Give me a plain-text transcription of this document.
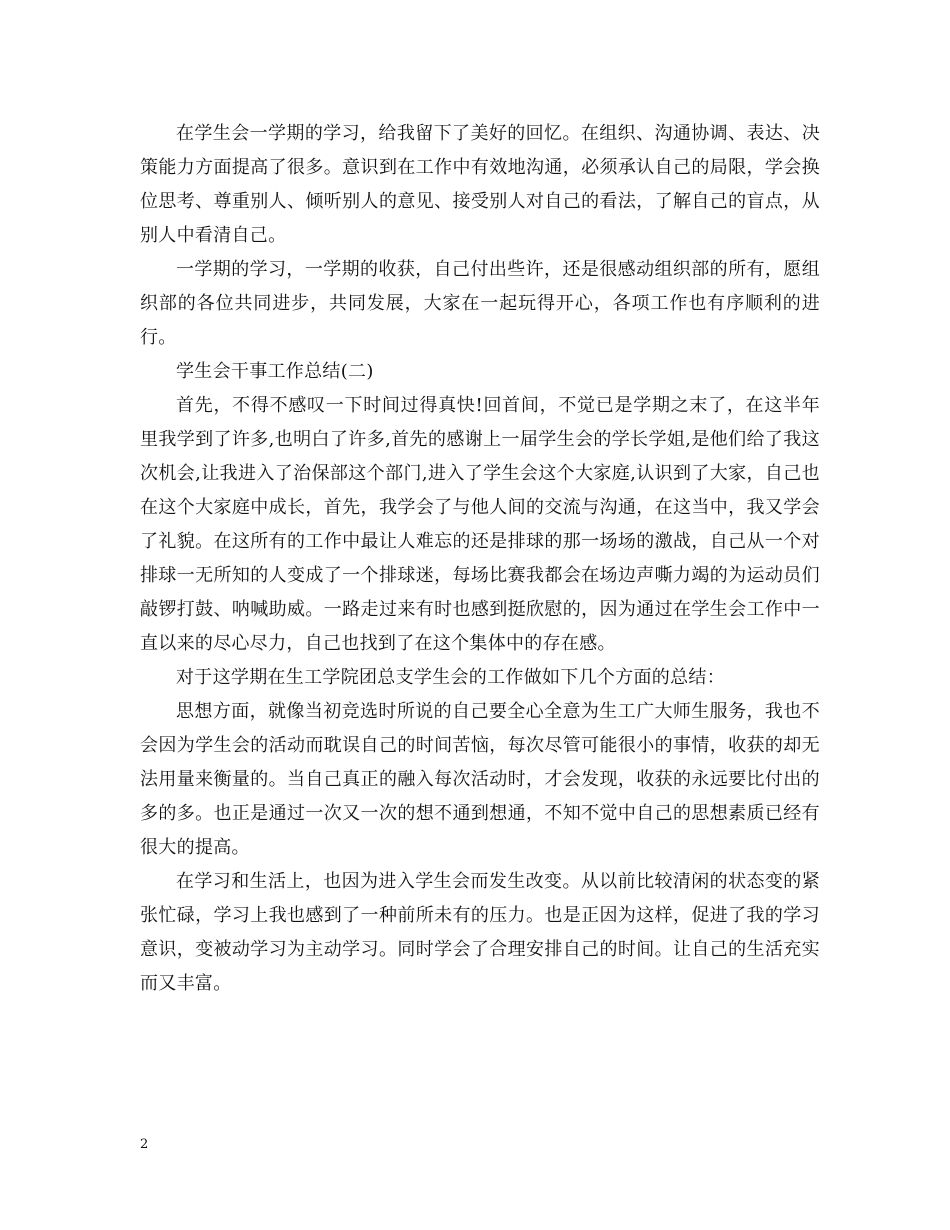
在学生会一学期的学习，给我留下了美好的回忆。在组织、沟通协调、表达、决策能力方面提高了很多。意识到在工作中有效地沟通，必须承认自己的局限，学会换位思考、尊重别人、倾听别人的意见、接受别人对自己的看法，了解自己的盲点，从别人中看清自己。

一学期的学习，一学期的收获，自己付出些许，还是很感动组织部的所有，愿组织部的各位共同进步，共同发展，大家在一起玩得开心，各项工作也有序顺利的进行。

学生会干事工作总结(二)

首先，不得不感叹一下时间过得真快!回首间，不觉已是学期之末了，在这半年里我学到了许多,也明白了许多,首先的感谢上一届学生会的学长学姐,是他们给了我这次机会,让我进入了治保部这个部门,进入了学生会这个大家庭,认识到了大家，自己也在这个大家庭中成长，首先，我学会了与他人间的交流与沟通，在这当中，我又学会了礼貌。在这所有的工作中最让人难忘的还是排球的那一场场的激战，自己从一个对排球一无所知的人变成了一个排球迷，每场比赛我都会在场边声嘶力竭的为运动员们敲锣打鼓、呐喊助威。一路走过来有时也感到挺欣慰的，因为通过在学生会工作中一直以来的尽心尽力，自己也找到了在这个集体中的存在感。

对于这学期在生工学院团总支学生会的工作做如下几个方面的总结：

思想方面，就像当初竞选时所说的自己要全心全意为生工广大师生服务，我也不会因为学生会的活动而耽误自己的时间苦恼，每次尽管可能很小的事情，收获的却无法用量来衡量的。当自己真正的融入每次活动时，才会发现，收获的永远要比付出的多的多。也正是通过一次又一次的想不通到想通，不知不觉中自己的思想素质已经有很大的提高。

在学习和生活上，也因为进入学生会而发生改变。从以前比较清闲的状态变的紧张忙碌，学习上我也感到了一种前所未有的压力。也是正因为这样，促进了我的学习意识，变被动学习为主动学习。同时学会了合理安排自己的时间。让自己的生活充实而又丰富。

2
